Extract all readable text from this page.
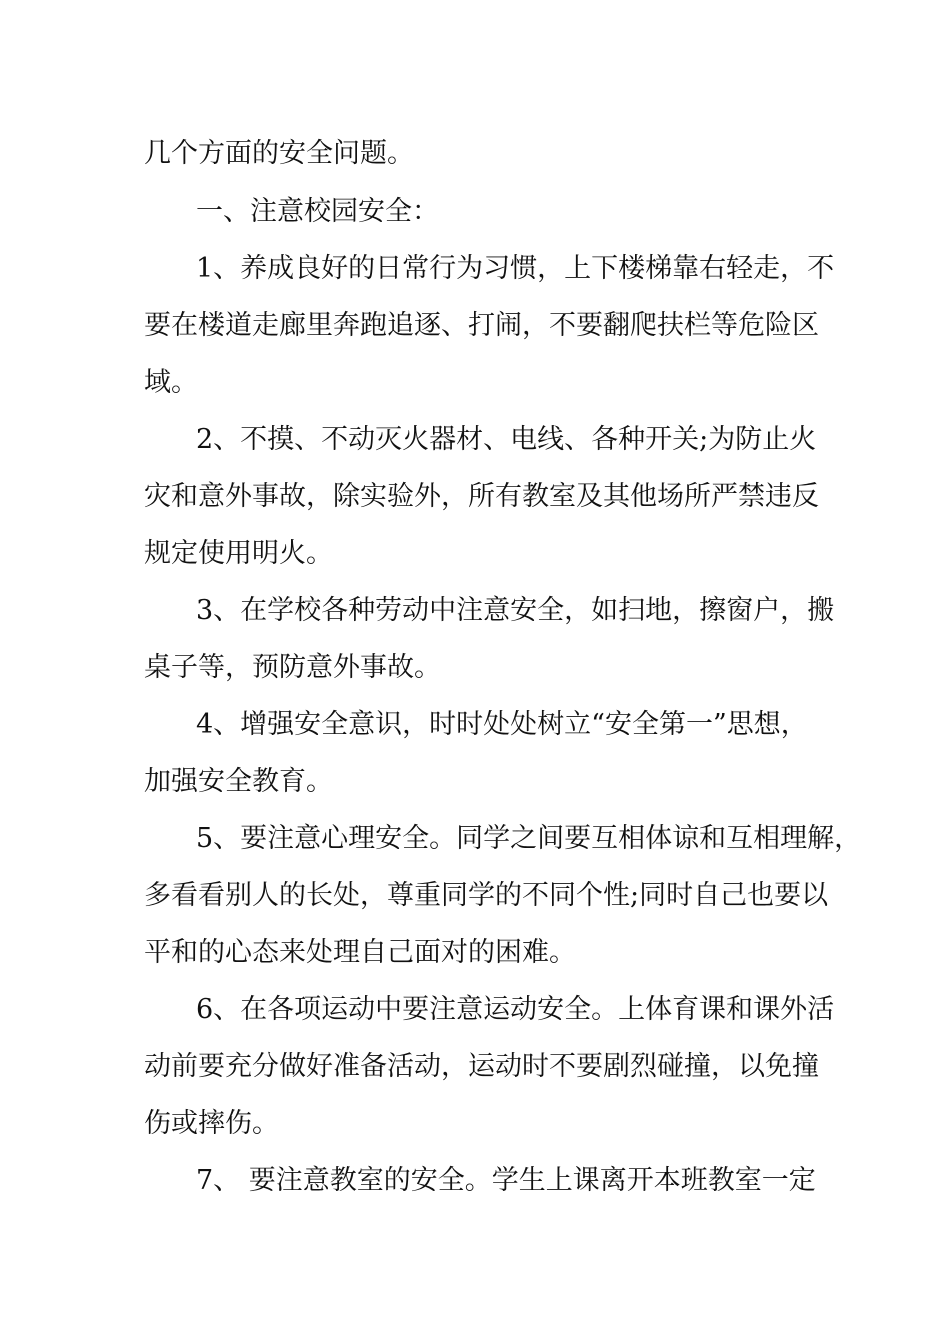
几个方面的安全问题。
一、注意校园安全：
1、养成良好的日常行为习惯，上下楼梯靠右轻走，不
要在楼道走廊里奔跑追逐、打闹，不要翻爬扶栏等危险区
域。
2、不摸、不动灭火器材、电线、各种开关;为防止火
灾和意外事故，除实验外，所有教室及其他场所严禁违反
规定使用明火。
3、在学校各种劳动中注意安全，如扫地，擦窗户，搬
桌子等，预防意外事故。
4、增强安全意识，时时处处树立“安全第一”思想，
加强安全教育。
5、要注意心理安全。同学之间要互相体谅和互相理解，
多看看别人的长处，尊重同学的不同个性;同时自己也要以
平和的心态来处理自己面对的困难。
6、在各项运动中要注意运动安全。上体育课和课外活
动前要充分做好准备活动，运动时不要剧烈碰撞，以免撞
伤或摔伤。
7、 要注意教室的安全。学生上课离开本班教室一定
